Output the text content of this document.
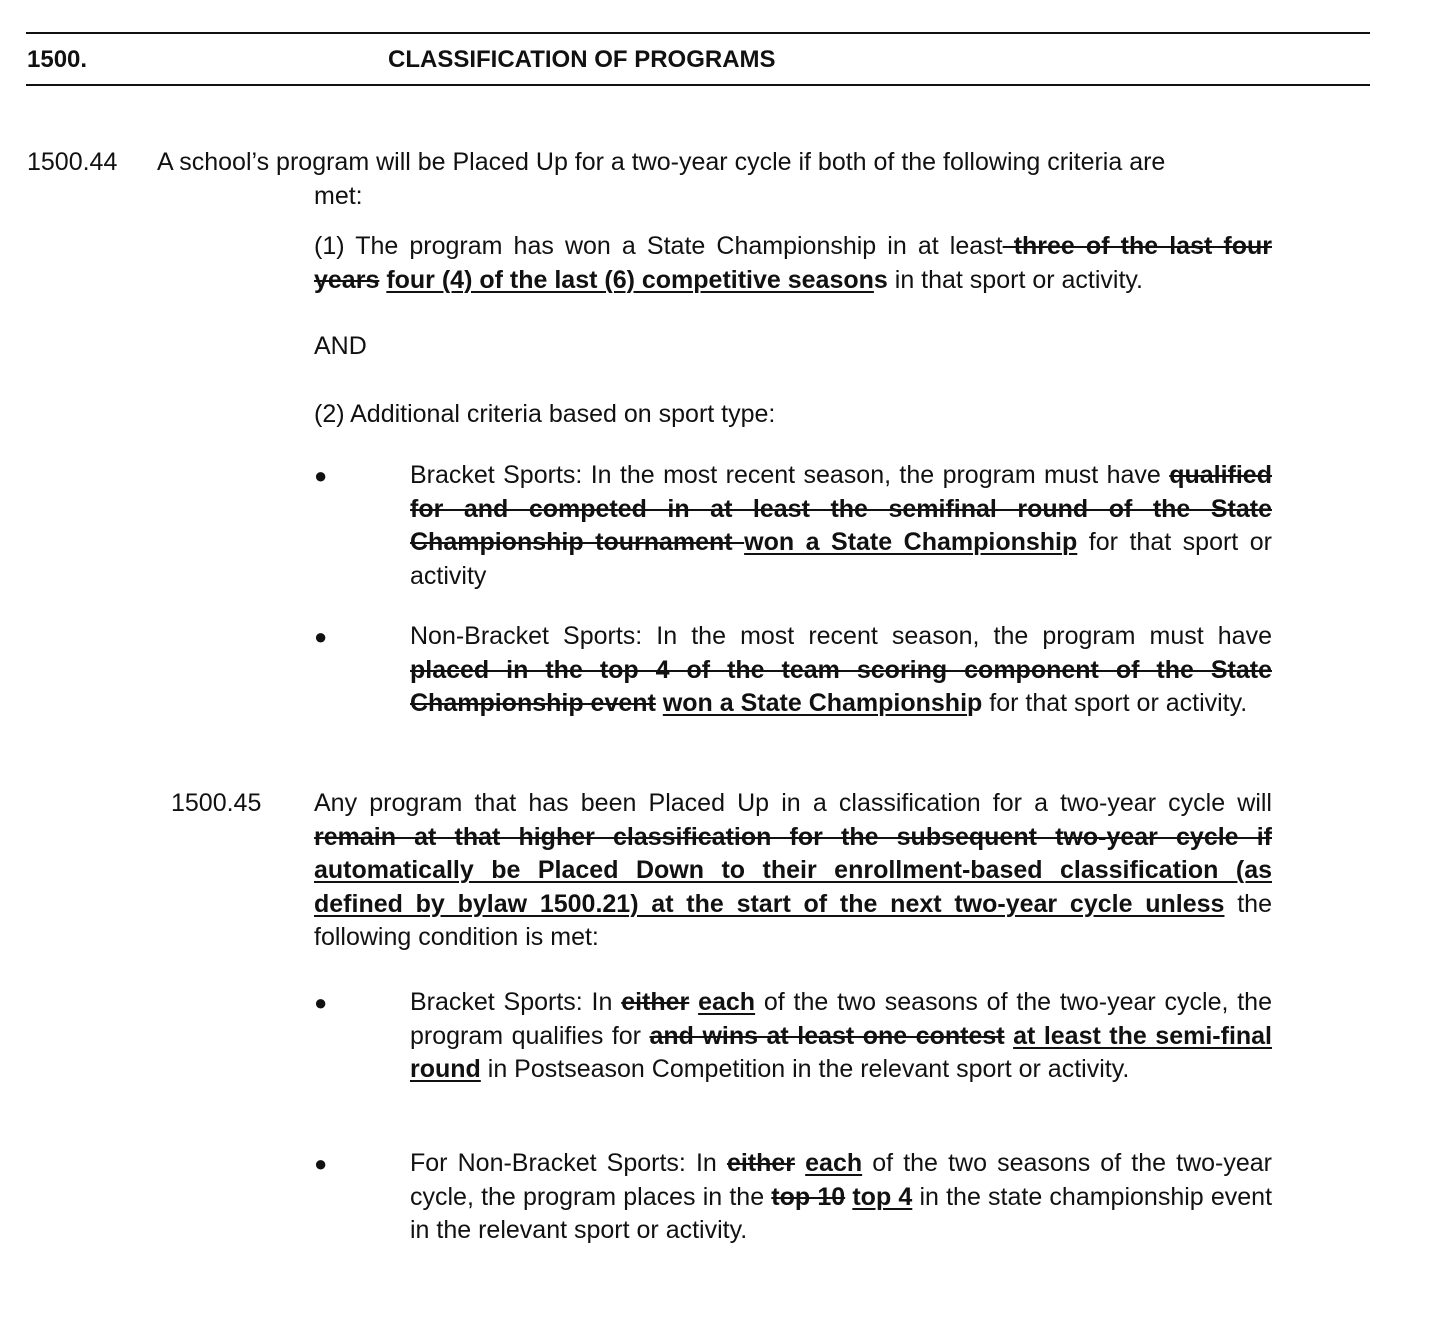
1500.	CLASSIFICATION OF PROGRAMS
1500.44 A school’s program will be Placed Up for a two-year cycle if both of the following criteria are
met:
(1) The program has won a State Championship in at least three of the last four years four (4) of the last (6) competitive seasons in that sport or activity.
AND
(2) Additional criteria based on sport type:
●	Bracket Sports: In the most recent season, the program must have qualified for and competed in at least the semifinal round of the State Championship tournament won a State Championship for that sport or activity
●	Non-Bracket Sports: In the most recent season, the program must have placed in the top 4 of the team scoring component of the State Championship event won a State Championship for that sport or activity.
1500.45 Any program that has been Placed Up in a classification for a two-year cycle will remain at that higher classification for the subsequent two-year cycle if automatically be Placed Down to their enrollment-based classification (as defined by bylaw 1500.21) at the start of the next two-year cycle unless the following condition is met:
●	Bracket Sports: In either each of the two seasons of the two-year cycle, the program qualifies for and wins at least one contest at least the semi-final round in Postseason Competition in the relevant sport or activity.
●	For Non-Bracket Sports: In either each of the two seasons of the two-year cycle, the program places in the top 10 top 4 in the state championship event in the relevant sport or activity.
